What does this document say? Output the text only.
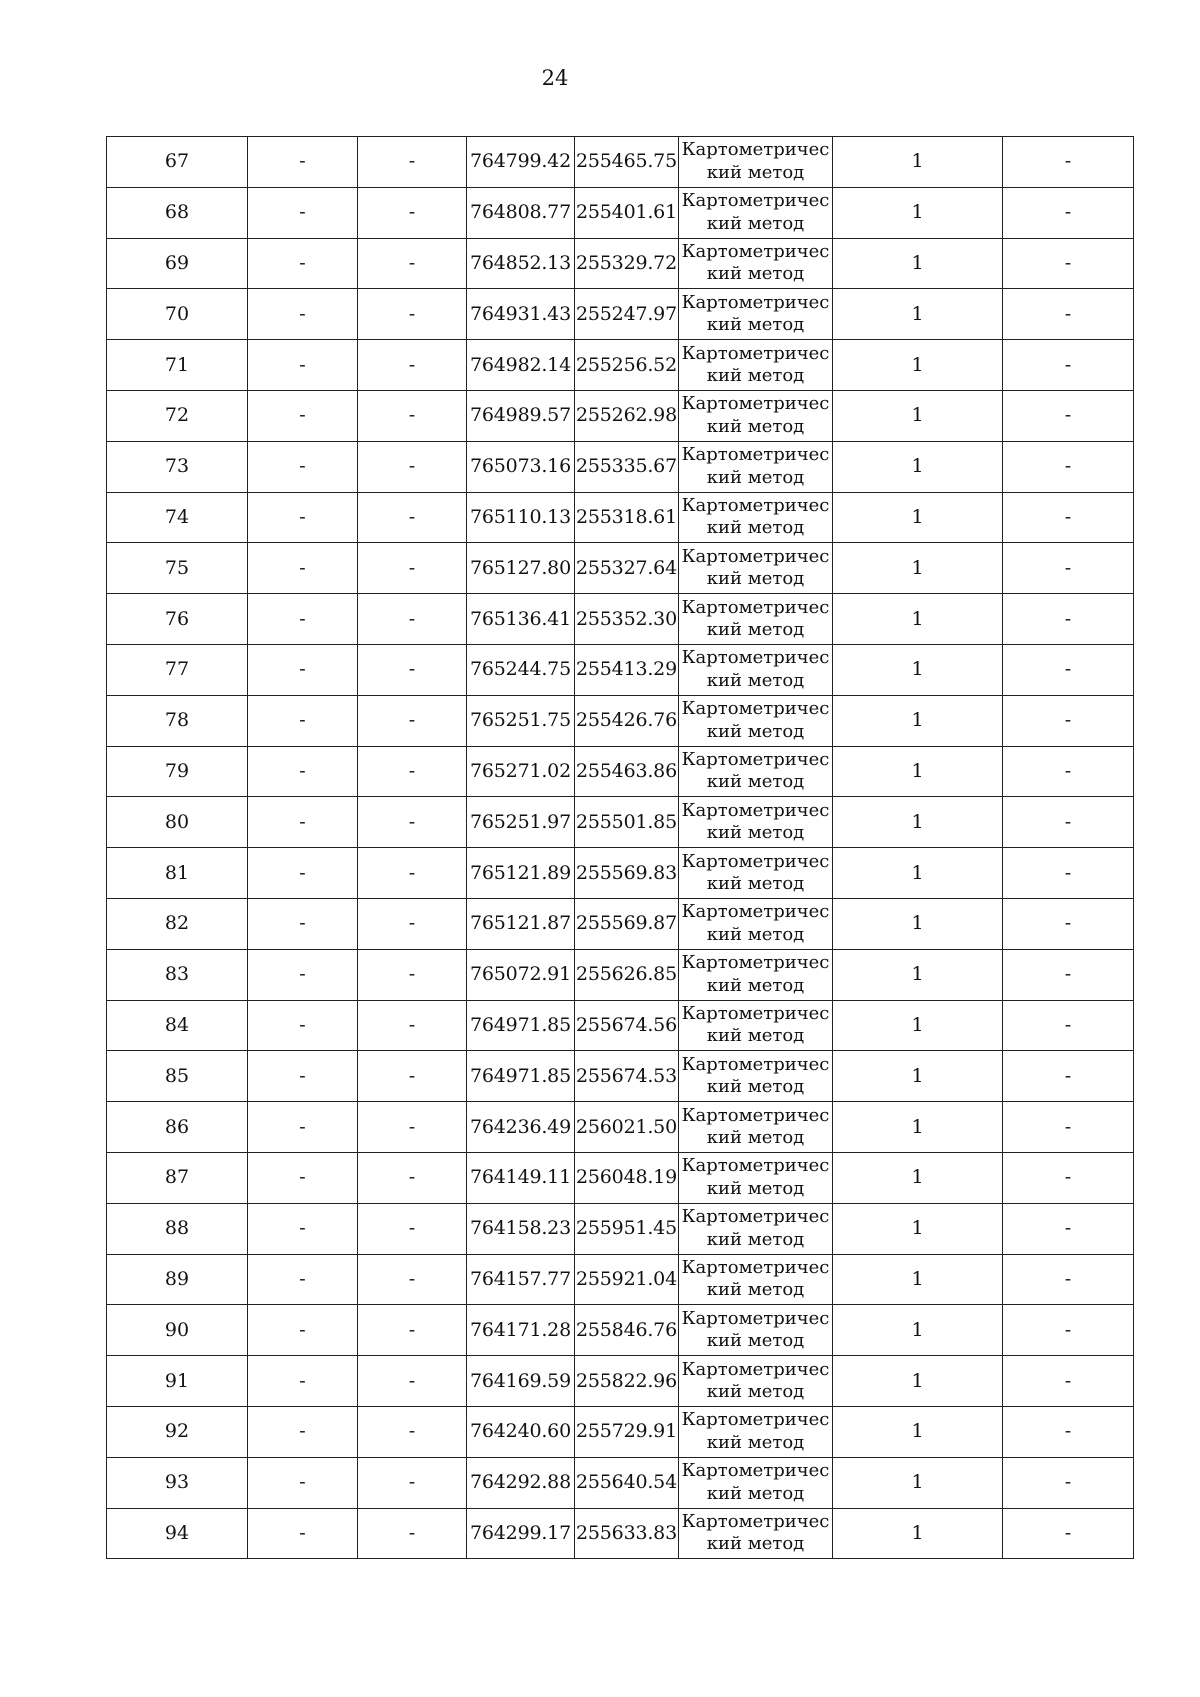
24
67	-	-	764799.42	255465.75	Картометричес
кий метод	1	-
68	-	-	764808.77	255401.61	Картометричес
кий метод	1	-
69	-	-	764852.13	255329.72	Картометричес
кий метод	1	-
70	-	-	764931.43	255247.97	Картометричес
кий метод	1	-
71	-	-	764982.14	255256.52	Картометричес
кий метод	1	-
72	-	-	764989.57	255262.98	Картометричес
кий метод	1	-
73	-	-	765073.16	255335.67	Картометричес
кий метод	1	-
74	-	-	765110.13	255318.61	Картометричес
кий метод	1	-
75	-	-	765127.80	255327.64	Картометричес
кий метод	1	-
76	-	-	765136.41	255352.30	Картометричес
кий метод	1	-
77	-	-	765244.75	255413.29	Картометричес
кий метод	1	-
78	-	-	765251.75	255426.76	Картометричес
кий метод	1	-
79	-	-	765271.02	255463.86	Картометричес
кий метод	1	-
80	-	-	765251.97	255501.85	Картометричес
кий метод	1	-
81	-	-	765121.89	255569.83	Картометричес
кий метод	1	-
82	-	-	765121.87	255569.87	Картометричес
кий метод	1	-
83	-	-	765072.91	255626.85	Картометричес
кий метод	1	-
84	-	-	764971.85	255674.56	Картометричес
кий метод	1	-
85	-	-	764971.85	255674.53	Картометричес
кий метод	1	-
86	-	-	764236.49	256021.50	Картометричес
кий метод	1	-
87	-	-	764149.11	256048.19	Картометричес
кий метод	1	-
88	-	-	764158.23	255951.45	Картометричес
кий метод	1	-
89	-	-	764157.77	255921.04	Картометричес
кий метод	1	-
90	-	-	764171.28	255846.76	Картометричес
кий метод	1	-
91	-	-	764169.59	255822.96	Картометричес
кий метод	1	-
92	-	-	764240.60	255729.91	Картометричес
кий метод	1	-
93	-	-	764292.88	255640.54	Картометричес
кий метод	1	-
94	-	-	764299.17	255633.83	Картометричес
кий метод	1	-
